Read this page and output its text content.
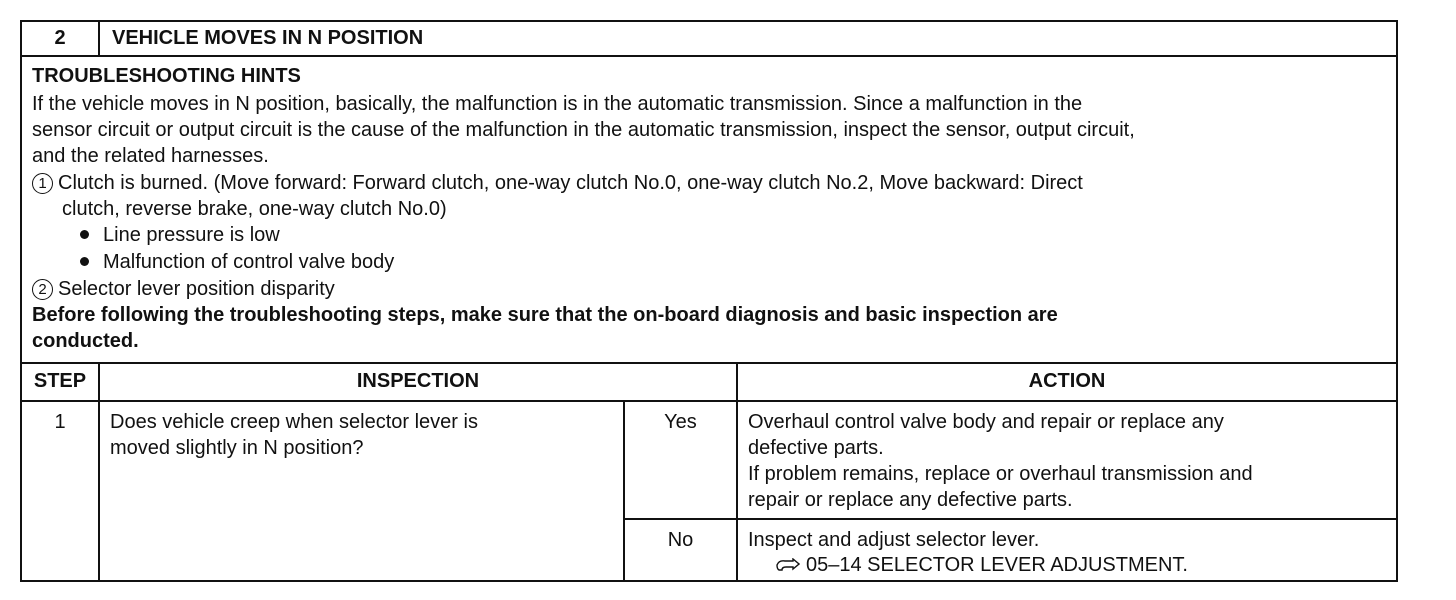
2	VEHICLE MOVES IN N POSITION
TROUBLESHOOTING HINTS
If the vehicle moves in N position, basically, the malfunction is in the automatic transmission. Since a malfunction in the
sensor circuit or output circuit is the cause of the malfunction in the automatic transmission, inspect the sensor, output circuit,
and the related harnesses.
1 Clutch is burned. (Move forward: Forward clutch, one-way clutch No.0, one-way clutch No.2, Move backward: Direct
clutch, reverse brake, one-way clutch No.0)
Line pressure is low
Malfunction of control valve body
2 Selector lever position disparity
Before following the troubleshooting steps, make sure that the on-board diagnosis and basic inspection are
conducted.
STEP	INSPECTION	ACTION
1	Does vehicle creep when selector lever is
moved slightly in N position?
Yes	Overhaul control valve body and repair or replace any
defective parts.
If problem remains, replace or overhaul transmission and
repair or replace any defective parts.
No	Inspect and adjust selector lever.
05–14 SELECTOR LEVER ADJUSTMENT.
